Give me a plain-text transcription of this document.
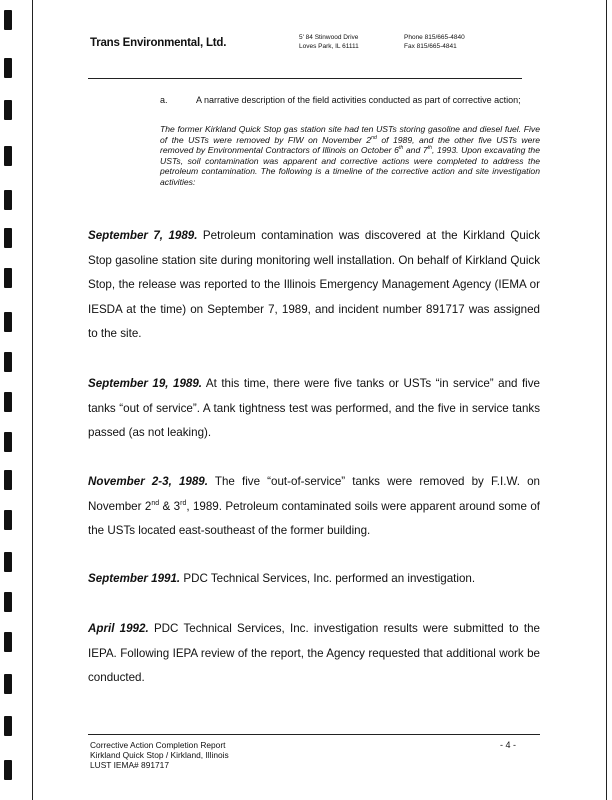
Trans Environmental, Ltd.	5' 84 Stinwood Drive
Loves Park, IL 61111
Phone 815/665-4840
Fax 815/665-4841
a.	A narrative description of the field activities conducted as part of corrective action;
The former Kirkland Quick Stop gas station site had ten USTs storing gasoline and diesel fuel. Five of the USTs were removed by FIW on November 2nd of 1989, and the other five USTs were removed by Environmental Contractors of Illinois on October 6th and 7th, 1993. Upon excavating the USTs, soil contamination was apparent and corrective actions were completed to address the petroleum contamination. The following is a timeline of the corrective action and site investigation activities:
September 7, 1989. Petroleum contamination was discovered at the Kirkland Quick Stop gasoline station site during monitoring well installation. On behalf of Kirkland Quick Stop, the release was reported to the Illinois Emergency Management Agency (IEMA or IESDA at the time) on September 7, 1989, and incident number 891717 was assigned to the site.
September 19, 1989. At this time, there were five tanks or USTs “in service” and five tanks “out of service”. A tank tightness test was performed, and the five in service tanks passed (as not leaking).
November 2-3, 1989. The five “out-of-service” tanks were removed by F.I.W. on November 2nd & 3rd, 1989. Petroleum contaminated soils were apparent around some of the USTs located east-southeast of the former building.
September 1991. PDC Technical Services, Inc. performed an investigation.
April 1992. PDC Technical Services, Inc. investigation results were submitted to the IEPA. Following IEPA review of the report, the Agency requested that additional work be conducted.
Corrective Action Completion Report
Kirkland Quick Stop / Kirkland, Illinois
LUST IEMA# 891717
- 4 -
